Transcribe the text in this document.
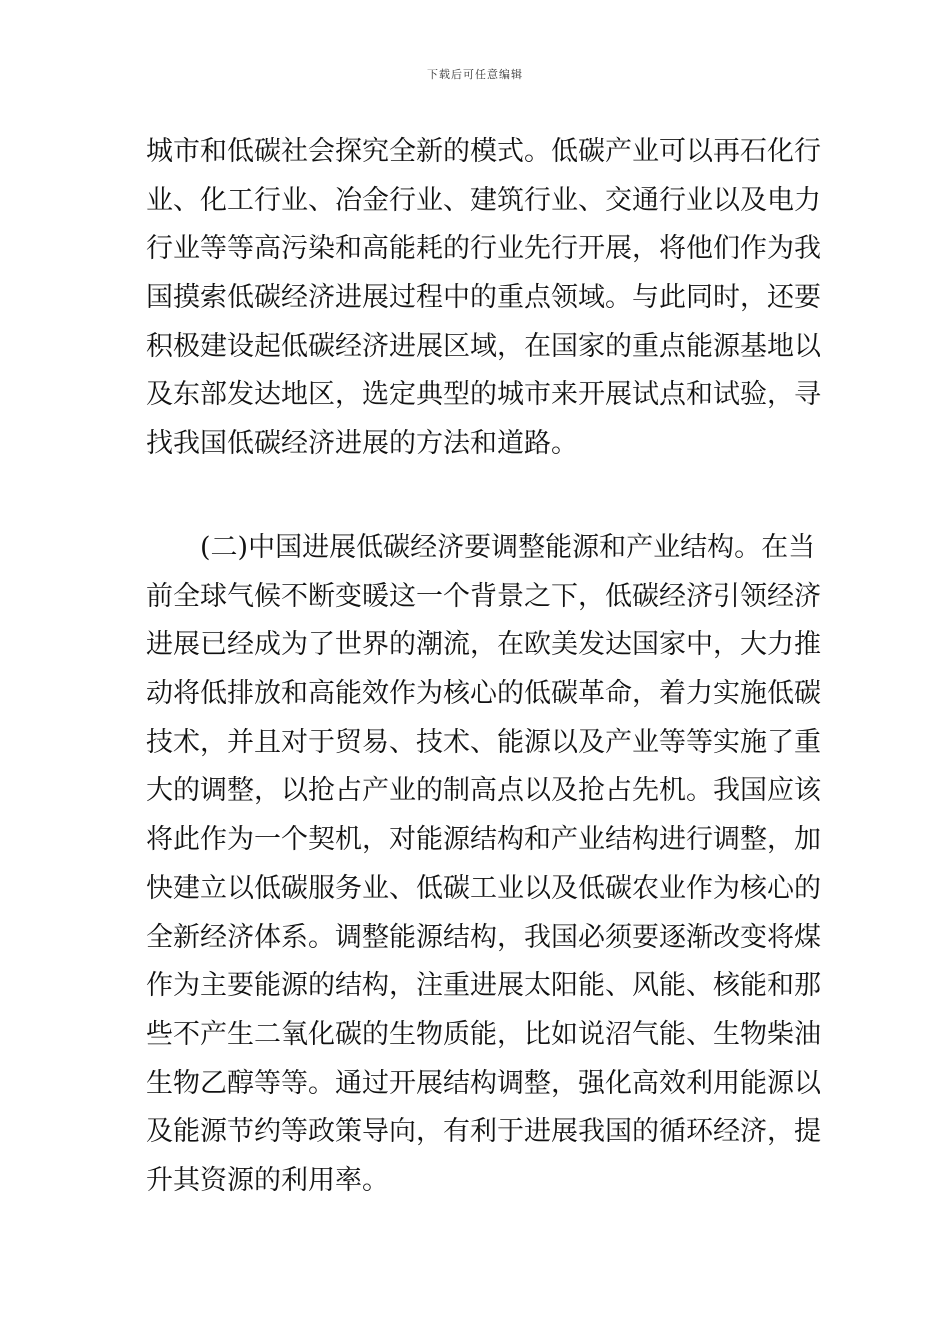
下载后可任意编辑
城市和低碳社会探究全新的模式。低碳产业可以再石化行
业、化工行业、冶金行业、建筑行业、交通行业以及电力
行业等等高污染和高能耗的行业先行开展，将他们作为我
国摸索低碳经济进展过程中的重点领域。与此同时，还要
积极建设起低碳经济进展区域，在国家的重点能源基地以
及东部发达地区，选定典型的城市来开展试点和试验，寻
找我国低碳经济进展的方法和道路。
(二)中国进展低碳经济要调整能源和产业结构。在当
前全球气候不断变暖这一个背景之下，低碳经济引领经济
进展已经成为了世界的潮流，在欧美发达国家中，大力推
动将低排放和高能效作为核心的低碳革命，着力实施低碳
技术，并且对于贸易、技术、能源以及产业等等实施了重
大的调整，以抢占产业的制高点以及抢占先机。我国应该
将此作为一个契机，对能源结构和产业结构进行调整，加
快建立以低碳服务业、低碳工业以及低碳农业作为核心的
全新经济体系。调整能源结构，我国必须要逐渐改变将煤
作为主要能源的结构，注重进展太阳能、风能、核能和那
些不产生二氧化碳的生物质能，比如说沼气能、生物柴油
生物乙醇等等。通过开展结构调整，强化高效利用能源以
及能源节约等政策导向，有利于进展我国的循环经济，提
升其资源的利用率。
